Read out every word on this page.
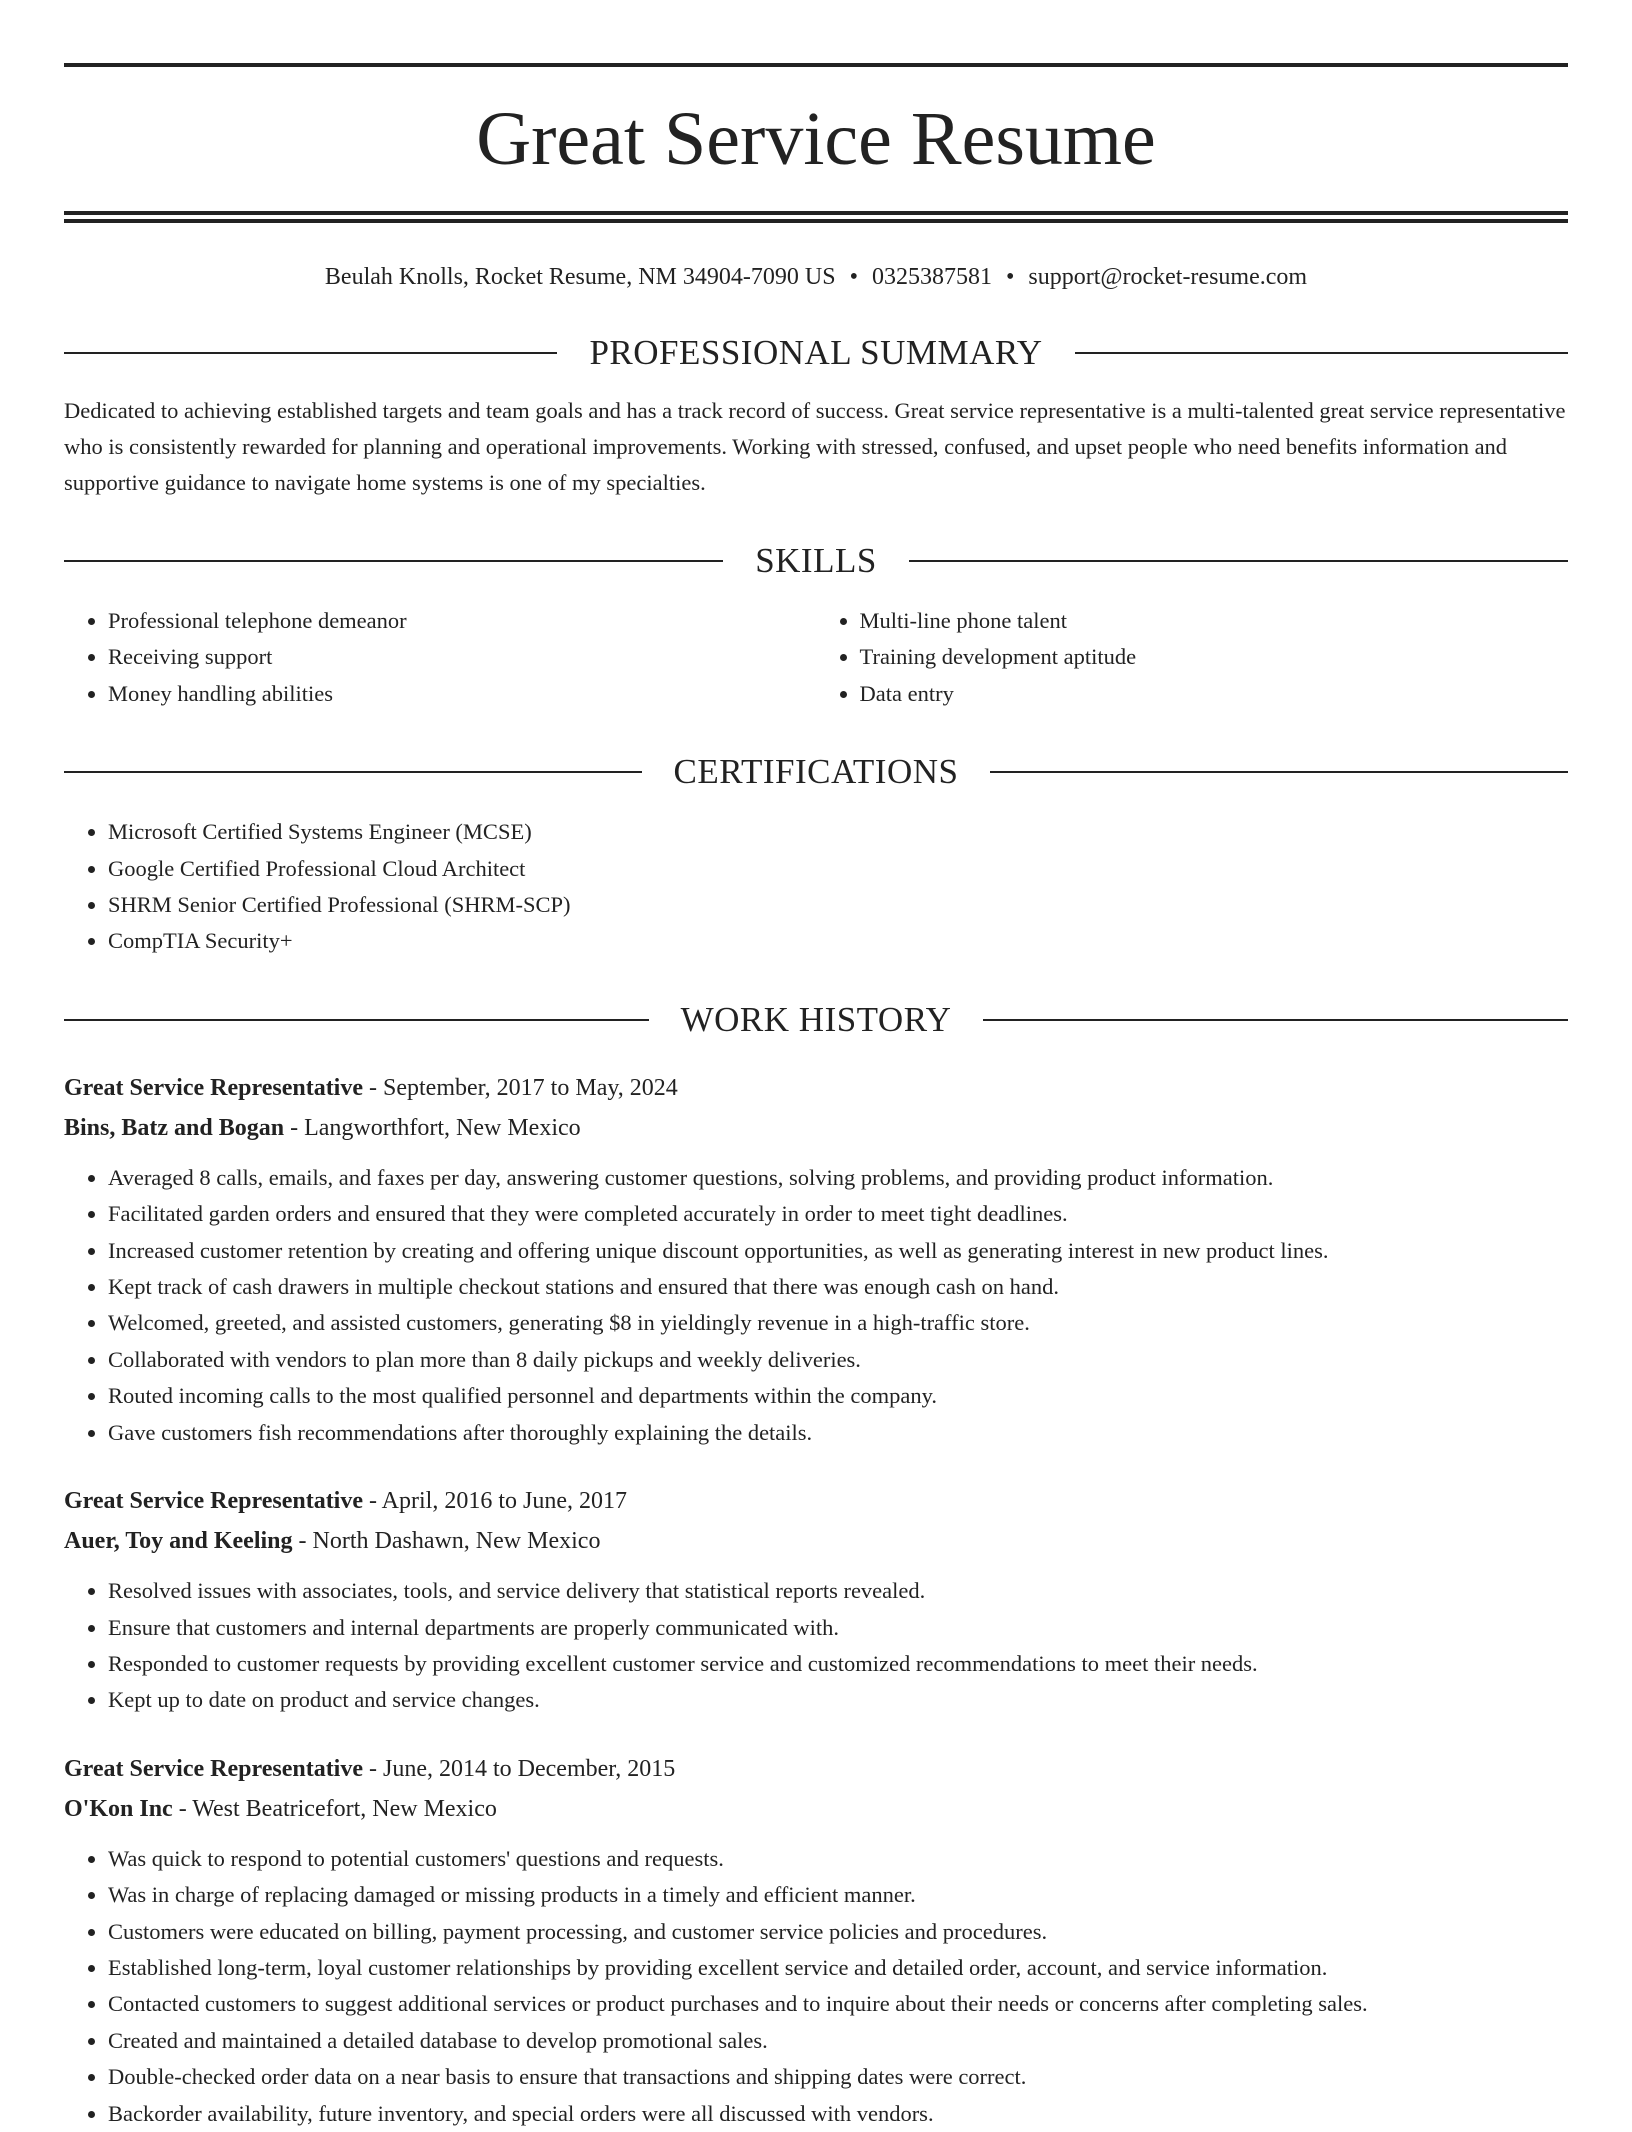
Great Service Resume
Beulah Knolls, Rocket Resume, NM 34904-7090 US • 0325387581 • support@rocket-resume.com
PROFESSIONAL SUMMARY

Dedicated to achieving established targets and team goals and has a track record of success. Great service representative is a multi-talented great service representative who is consistently rewarded for planning and operational improvements. Working with stressed, confused, and upset people who need benefits information and supportive guidance to navigate home systems is one of my specialties.

SKILLS
• Professional telephone demeanor
• Receiving support
• Money handling abilities
• Multi-line phone talent
• Training development aptitude
• Data entry
CERTIFICATIONS
• Microsoft Certified Systems Engineer (MCSE)
• Google Certified Professional Cloud Architect
• SHRM Senior Certified Professional (SHRM-SCP)
• CompTIA Security+
WORK HISTORY
Great Service Representative - September, 2017 to May, 2024
Bins, Batz and Bogan - Langworthfort, New Mexico
• Averaged 8 calls, emails, and faxes per day, answering customer questions, solving problems, and providing product information.
• Facilitated garden orders and ensured that they were completed accurately in order to meet tight deadlines.
• Increased customer retention by creating and offering unique discount opportunities, as well as generating interest in new product lines.
• Kept track of cash drawers in multiple checkout stations and ensured that there was enough cash on hand.
• Welcomed, greeted, and assisted customers, generating $8 in yieldingly revenue in a high-traffic store.
• Collaborated with vendors to plan more than 8 daily pickups and weekly deliveries.
• Routed incoming calls to the most qualified personnel and departments within the company.
• Gave customers fish recommendations after thoroughly explaining the details.
Great Service Representative - April, 2016 to June, 2017
Auer, Toy and Keeling - North Dashawn, New Mexico
• Resolved issues with associates, tools, and service delivery that statistical reports revealed.
• Ensure that customers and internal departments are properly communicated with.
• Responded to customer requests by providing excellent customer service and customized recommendations to meet their needs.
• Kept up to date on product and service changes.
Great Service Representative - June, 2014 to December, 2015
O'Kon Inc - West Beatricefort, New Mexico
• Was quick to respond to potential customers' questions and requests.
• Was in charge of replacing damaged or missing products in a timely and efficient manner.
• Customers were educated on billing, payment processing, and customer service policies and procedures.
• Established long-term, loyal customer relationships by providing excellent service and detailed order, account, and service information.
• Contacted customers to suggest additional services or product purchases and to inquire about their needs or concerns after completing sales.
• Created and maintained a detailed database to develop promotional sales.
• Double-checked order data on a near basis to ensure that transactions and shipping dates were correct.
• Backorder availability, future inventory, and special orders were all discussed with vendors.
